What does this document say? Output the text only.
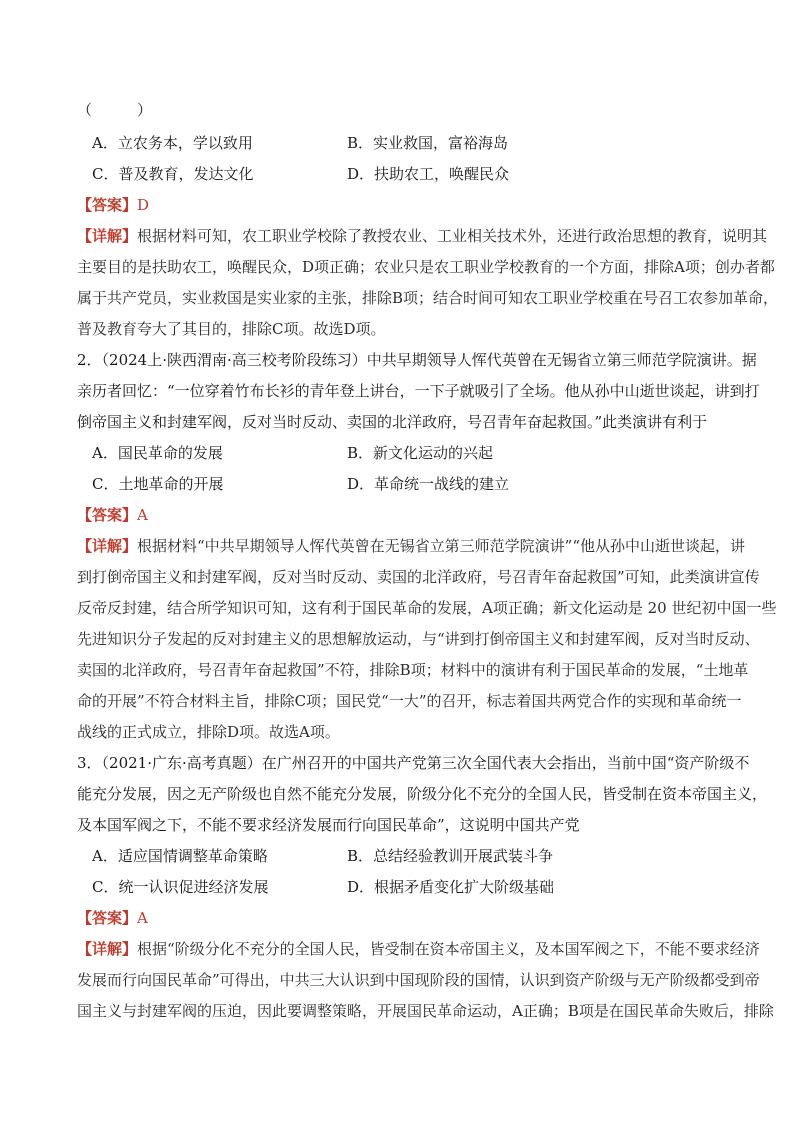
（　　　）
A．立农务本，学以致用	B．实业救国，富裕海岛
C．普及教育，发达文化	D．扶助农工，唤醒民众
【答案】D
【详解】根据材料可知，农工职业学校除了教授农业、工业相关技术外，还进行政治思想的教育，说明其
主要目的是扶助农工，唤醒民众，D项正确；农业只是农工职业学校教育的一个方面，排除A项；创办者都
属于共产党员，实业救国是实业家的主张，排除B项；结合时间可知农工职业学校重在号召工农参加革命，
普及教育夸大了其目的，排除C项。故选D项。
2．（2024上·陕西渭南·高三校考阶段练习）中共早期领导人恽代英曾在无锡省立第三师范学院演讲。据
亲历者回忆：“一位穿着竹布长衫的青年登上讲台，一下子就吸引了全场。他从孙中山逝世谈起，讲到打
倒帝国主义和封建军阀，反对当时反动、卖国的北洋政府，号召青年奋起救国。”此类演讲有利于
A．国民革命的发展	B．新文化运动的兴起
C．土地革命的开展	D．革命统一战线的建立
【答案】A
【详解】根据材料“中共早期领导人恽代英曾在无锡省立第三师范学院演讲”“他从孙中山逝世谈起，讲
到打倒帝国主义和封建军阀，反对当时反动、卖国的北洋政府，号召青年奋起救国”可知，此类演讲宣传
反帝反封建，结合所学知识可知，这有利于国民革命的发展，A项正确；新文化运动是 20 世纪初中国一些
先进知识分子发起的反对封建主义的思想解放运动，与“讲到打倒帝国主义和封建军阀，反对当时反动、
卖国的北洋政府，号召青年奋起救国”不符，排除B项；材料中的演讲有利于国民革命的发展，“土地革
命的开展”不符合材料主旨，排除C项；国民党“一大”的召开，标志着国共两党合作的实现和革命统一
战线的正式成立，排除D项。故选A项。
3．（2021·广东·高考真题）在广州召开的中国共产党第三次全国代表大会指出，当前中国“资产阶级不
能充分发展，因之无产阶级也自然不能充分发展，阶级分化不充分的全国人民，皆受制在资本帝国主义，
及本国军阀之下，不能不要求经济发展而行向国民革命”，这说明中国共产党
A．适应国情调整革命策略	B．总结经验教训开展武装斗争
C．统一认识促进经济发展	D．根据矛盾变化扩大阶级基础
【答案】A
【详解】根据“阶级分化不充分的全国人民，皆受制在资本帝国主义，及本国军阀之下，不能不要求经济
发展而行向国民革命”可得出，中共三大认识到中国现阶段的国情，认识到资产阶级与无产阶级都受到帝
国主义与封建军阀的压迫，因此要调整策略，开展国民革命运动，A正确；B项是在国民革命失败后，排除
